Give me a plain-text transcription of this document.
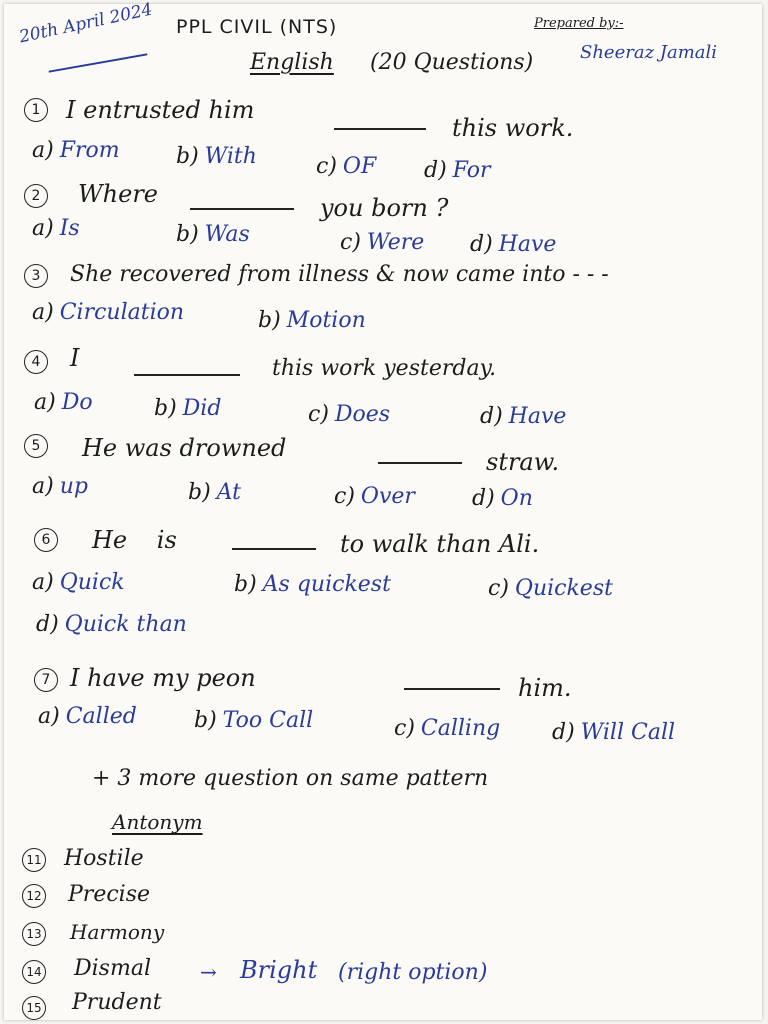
20th April 2024 PPL CIVIL (NTS)	Prepared by:-
Sheeraz Jamali
English (20 Questions)
1	I entrusted him
this work.
a) From	b) With	c) OF d) For
2	Where	you born ?
a) Is	b) Was	c) Were d) Have
3	She recovered from illness & now came into - - -
a) Circulation	b) Motion
4	I	this work yesterday.
a) Do	b) Did	c) Does	d) Have
5	He was drowned	straw.
a) up	b) At	c) Over	d) On
6	He is	to walk than Ali.
a) Quick	b) As quickest	c) Quickest
d) Quick than
7 I have my peon	him.
a) Called	b) Too Call	c) Calling d) Will Call
+ 3 more question on same pattern
Antonym
11 Hostile
12 Precise
13 Harmony
14 Dismal → Bright (right option)
15 Prudent
